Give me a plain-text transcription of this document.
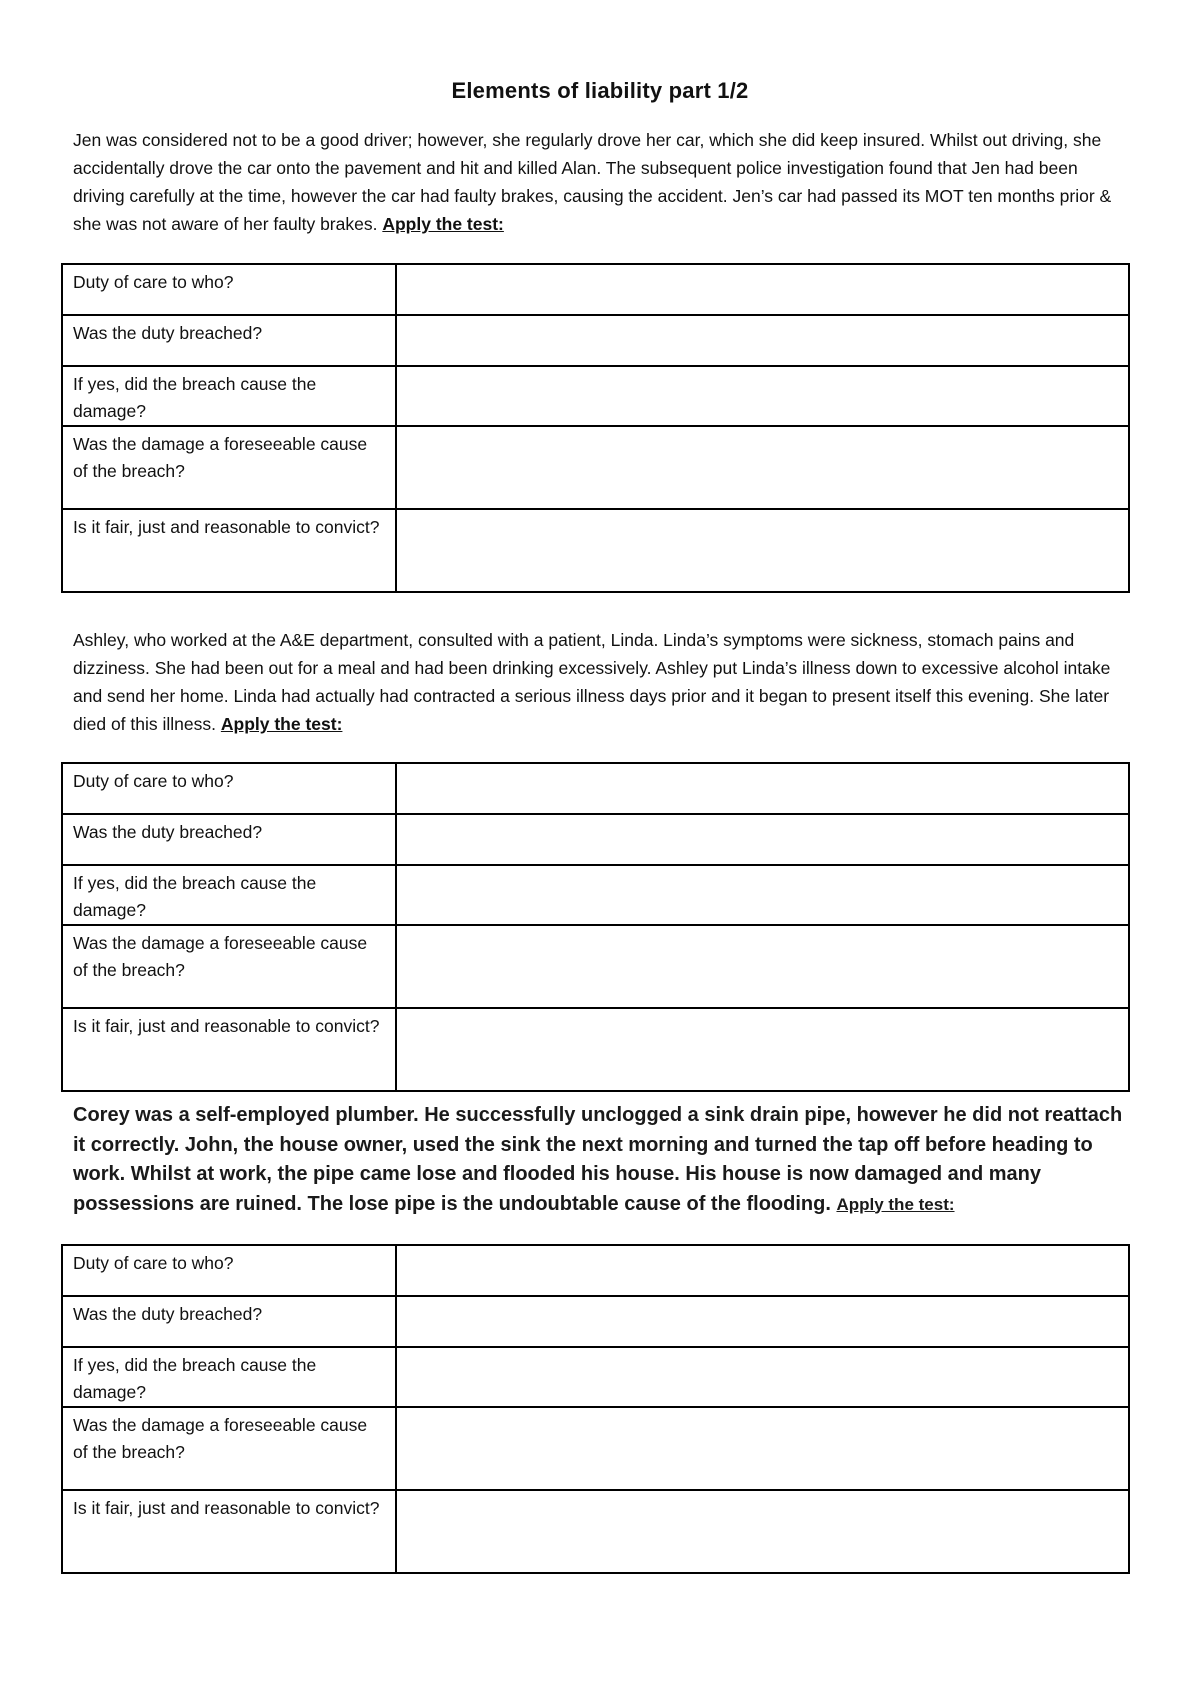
Elements of liability part 1/2

Jen was considered not to be a good driver; however, she regularly drove her car, which she did keep insured. Whilst out driving, she accidentally drove the car onto the pavement and hit and killed Alan. The subsequent police investigation found that Jen had been driving carefully at the time, however the car had faulty brakes, causing the accident. Jen’s car had passed its MOT ten months prior & she was not aware of her faulty brakes. Apply the test:

Duty of care to who?	
Was the duty breached?	
If yes, did the breach cause the damage?	
Was the damage a foreseeable cause of the breach?	
Is it fair, just and reasonable to convict?	

Ashley, who worked at the A&E department, consulted with a patient, Linda. Linda’s symptoms were sickness, stomach pains and dizziness. She had been out for a meal and had been drinking excessively. Ashley put Linda’s illness down to excessive alcohol intake and send her home. Linda had actually had contracted a serious illness days prior and it began to present itself this evening. She later died of this illness. Apply the test:

Duty of care to who?	
Was the duty breached?	
If yes, did the breach cause the damage?	
Was the damage a foreseeable cause of the breach?	
Is it fair, just and reasonable to convict?	

Corey was a self-employed plumber. He successfully unclogged a sink drain pipe, however he did not reattach it correctly. John, the house owner, used the sink the next morning and turned the tap off before heading to work. Whilst at work, the pipe came lose and flooded his house. His house is now damaged and many possessions are ruined. The lose pipe is the undoubtable cause of the flooding. Apply the test:

Duty of care to who?	
Was the duty breached?	
If yes, did the breach cause the damage?	
Was the damage a foreseeable cause of the breach?	
Is it fair, just and reasonable to convict?	
